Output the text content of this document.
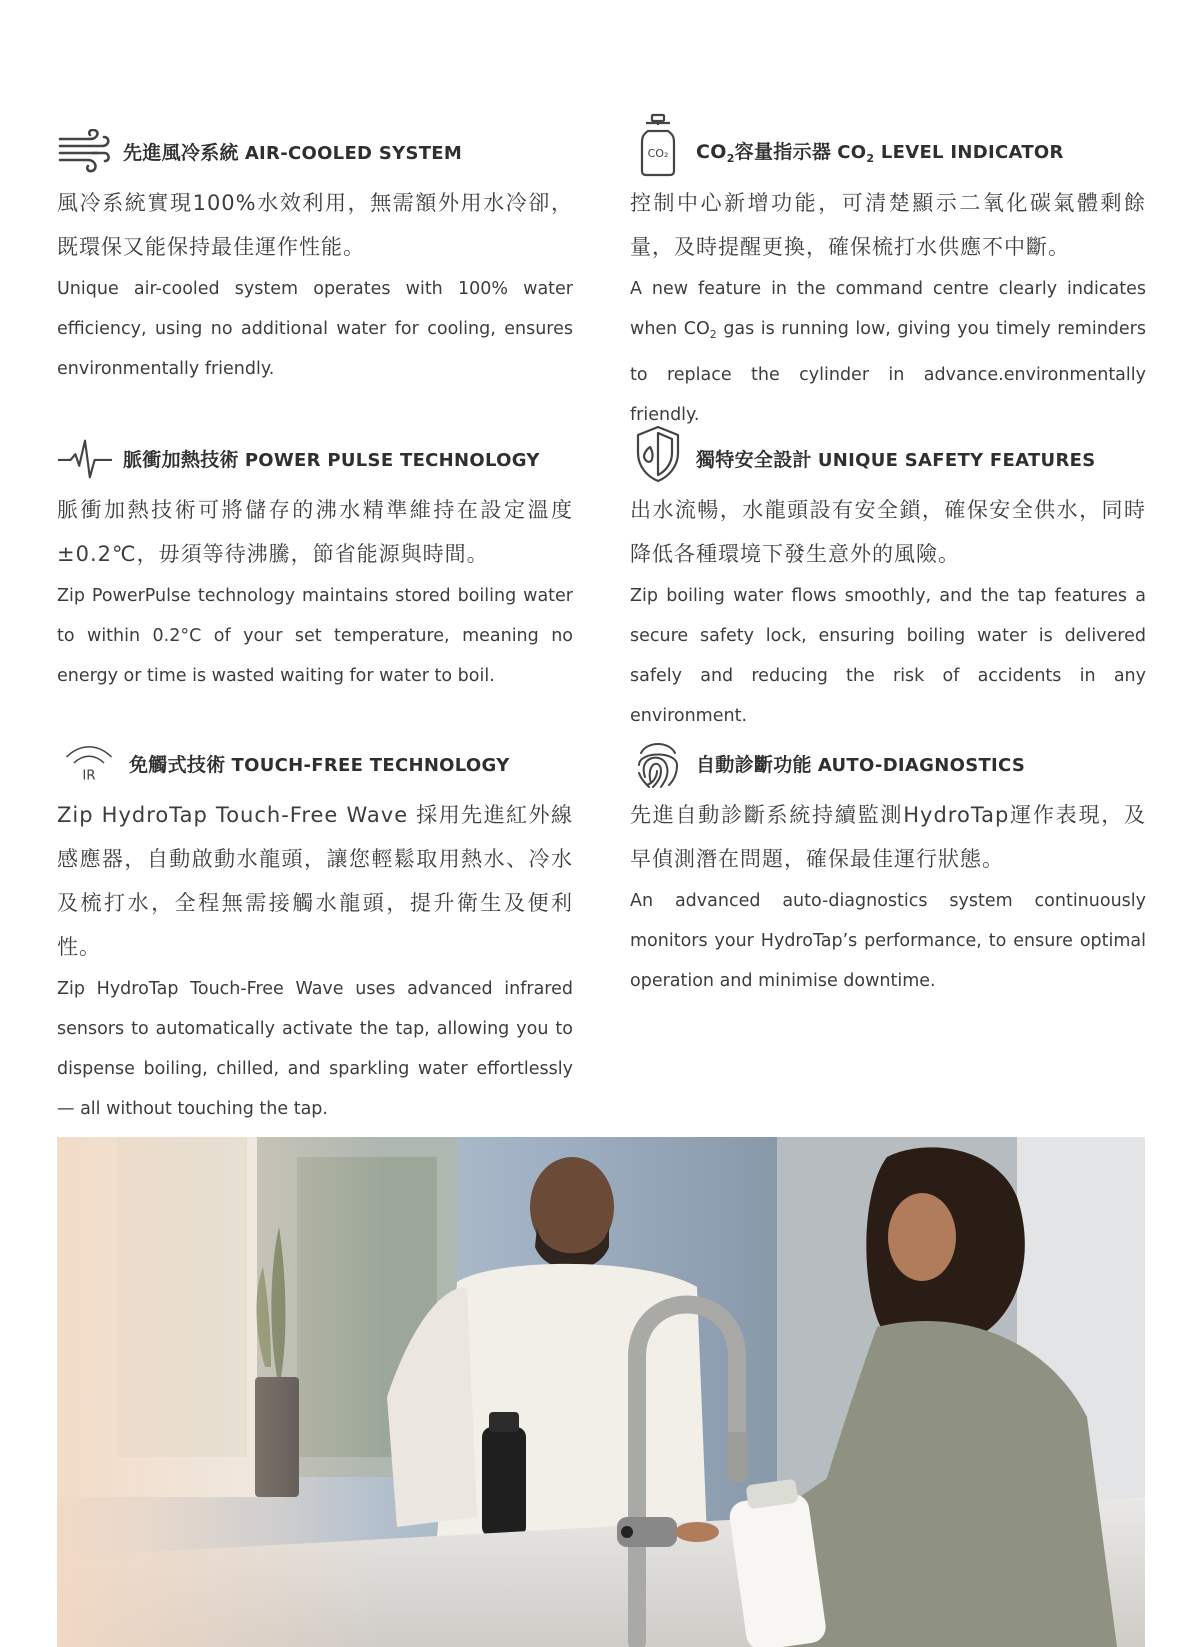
先進風冷系統 AIR-COOLED SYSTEM
風冷系統實現100%水效利用，無需額外用水冷卻，既環保又能保持最佳運作性能。
Unique air-cooled system operates with 100% water efficiency, using no additional water for cooling, ensures environmentally friendly.
CO₂ $CO_2$容量指示器 $CO_2$ LEVEL INDICATOR
控制中心新增功能，可清楚顯示二氧化碳氣體剩餘量，及時提醒更換，確保梳打水供應不中斷。
A new feature in the command centre clearly indicates when $CO_2$ gas is running low, giving you timely reminders to replace the cylinder in advance.environmentally friendly.
脈衝加熱技術 POWER PULSE TECHNOLOGY
脈衝加熱技術可將儲存的沸水精準維持在設定溫度±0.2℃，毋須等待沸騰，節省能源與時間。
Zip PowerPulse technology maintains stored boiling water to within 0.2°C of your set temperature, meaning no energy or time is wasted waiting for water to boil.
獨特安全設計 UNIQUE SAFETY FEATURES
出水流暢，水龍頭設有安全鎖，確保安全供水，同時降低各種環境下發生意外的風險。
Zip boiling water flows smoothly, and the tap features a secure safety lock, ensuring boiling water is delivered safely and reducing the risk of accidents in any environment.
IR 免觸式技術 TOUCH-FREE TECHNOLOGY
Zip HydroTap Touch-Free Wave 採用先進紅外線感應器，自動啟動水龍頭，讓您輕鬆取用熱水、冷水及梳打水，全程無需接觸水龍頭，提升衛生及便利性。
Zip HydroTap Touch-Free Wave uses advanced infrared sensors to automatically activate the tap, allowing you to dispense boiling, chilled, and sparkling water effortlessly — all without touching the tap.
自動診斷功能 AUTO-DIAGNOSTICS
先進自動診斷系統持續監測HydroTap運作表現，及早偵測潛在問題，確保最佳運行狀態。
An advanced auto-diagnostics system continuously monitors your HydroTap’s performance, to ensure optimal operation and minimise downtime.
